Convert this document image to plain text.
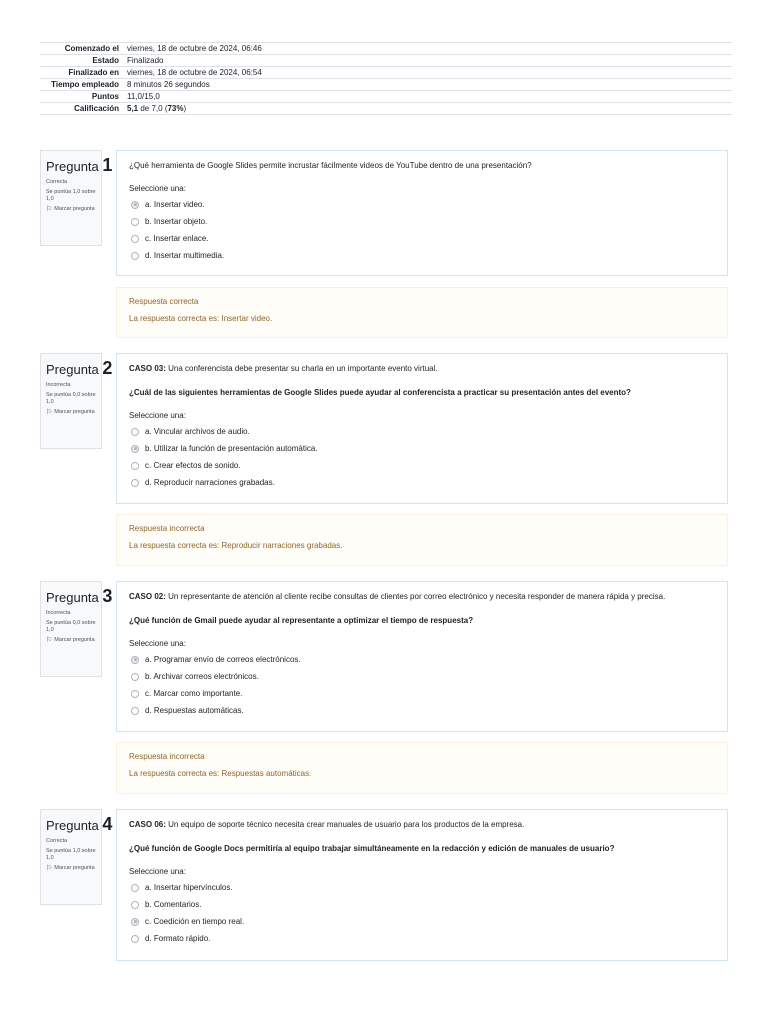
Comenzado el	viernes, 18 de octubre de 2024, 06:46
Estado	Finalizado
Finalizado en	viernes, 18 de octubre de 2024, 06:54
Tiempo empleado	8 minutos 26 segundos
Puntos	11,0/15,0
Calificación	5,1 de 7,0 (73%)
Pregunta 1
Correcta
Se puntúa 1,0 sobre 1,0
⚐ Marcar pregunta
¿Qué herramienta de Google Slides permite incrustar fácilmente videos de YouTube dentro de una presentación?
Seleccione una:
a. Insertar video.
b. Insertar objeto.
c. Insertar enlace.
d. Insertar multimedia.
Respuesta correcta
La respuesta correcta es: Insertar video.
Pregunta 2
Incorrecta
Se puntúa 0,0 sobre 1,0
⚐ Marcar pregunta
CASO 03: Una conferencista debe presentar su charla en un importante evento virtual.
¿Cuál de las siguientes herramientas de Google Slides puede ayudar al conferencista a practicar su presentación antes del evento?
Seleccione una:
a. Vincular archivos de audio.
b. Utilizar la función de presentación automática.
c. Crear efectos de sonido.
d. Reproducir narraciones grabadas.
Respuesta incorrecta
La respuesta correcta es: Reproducir narraciones grabadas.
Pregunta 3
Incorrecta
Se puntúa 0,0 sobre 1,0
⚐ Marcar pregunta
CASO 02: Un representante de atención al cliente recibe consultas de clientes por correo electrónico y necesita responder de manera rápida y precisa.
¿Qué función de Gmail puede ayudar al representante a optimizar el tiempo de respuesta?
Seleccione una:
a. Programar envío de correos electrónicos.
b. Archivar correos electrónicos.
c. Marcar como importante.
d. Respuestas automáticas.
Respuesta incorrecta
La respuesta correcta es: Respuestas automáticas.
Pregunta 4
Correcta
Se puntúa 1,0 sobre 1,0
⚐ Marcar pregunta
CASO 06: Un equipo de soporte técnico necesita crear manuales de usuario para los productos de la empresa.
¿Qué función de Google Docs permitiría al equipo trabajar simultáneamente en la redacción y edición de manuales de usuario?
Seleccione una:
a. Insertar hipervínculos.
b. Comentarios.
c. Coedición en tiempo real.
d. Formato rápido.
